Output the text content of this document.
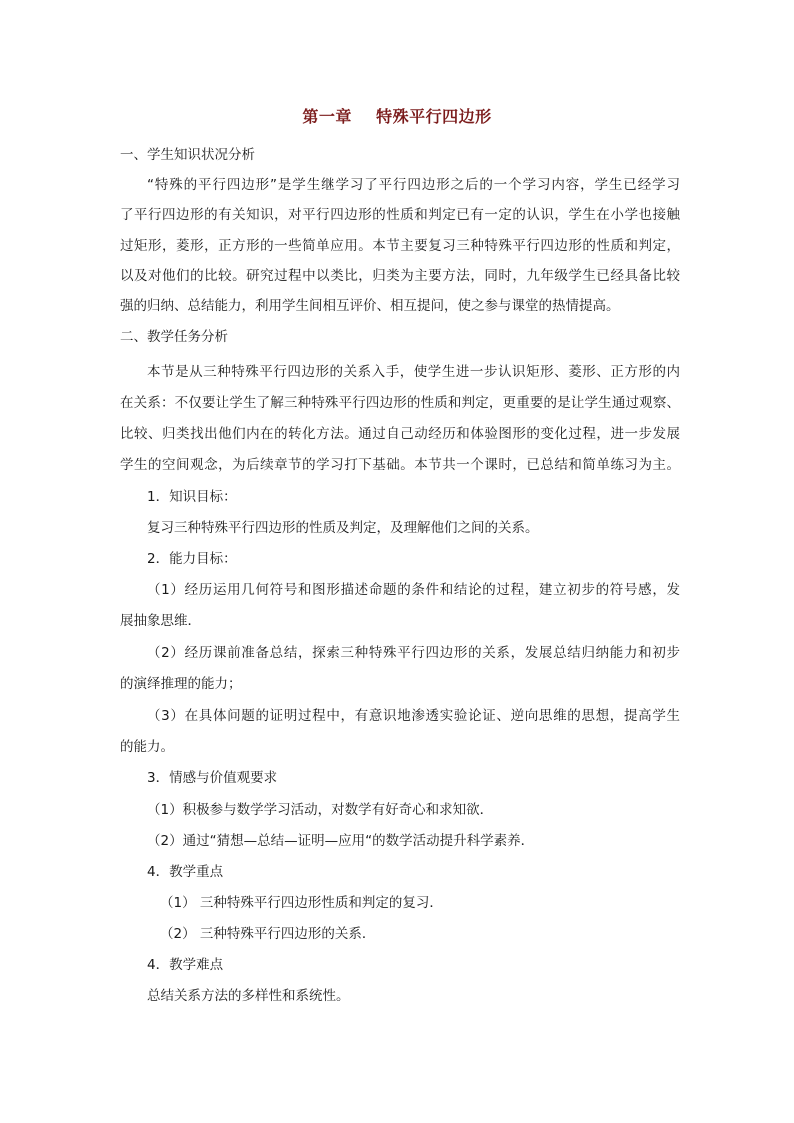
第一章    特殊平行四边形
一、学生知识状况分析
“特殊的平行四边形”是学生继学习了平行四边形之后的一个学习内容，学生已经学习
了平行四边形的有关知识，对平行四边形的性质和判定已有一定的认识，学生在小学也接触
过矩形，菱形，正方形的一些简单应用。本节主要复习三种特殊平行四边形的性质和判定，
以及对他们的比较。研究过程中以类比，归类为主要方法，同时，九年级学生已经具备比较
强的归纳、总结能力，利用学生间相互评价、相互提问，使之参与课堂的热情提高。
二、教学任务分析
本节是从三种特殊平行四边形的关系入手，使学生进一步认识矩形、菱形、正方形的内
在关系：不仅要让学生了解三种特殊平行四边形的性质和判定，更重要的是让学生通过观察、
比较、归类找出他们内在的转化方法。通过自己动经历和体验图形的变化过程，进一步发展
学生的空间观念，为后续章节的学习打下基础。本节共一个课时，已总结和简单练习为主。
1．知识目标：
复习三种特殊平行四边形的性质及判定，及理解他们之间的关系。
2．能力目标：
（1）经历运用几何符号和图形描述命题的条件和结论的过程，建立初步的符号感，发
展抽象思维．
（2）经历课前准备总结，探索三种特殊平行四边形的关系，发展总结归纳能力和初步
的演绎推理的能力；
（3）在具体问题的证明过程中，有意识地渗透实验论证、逆向思维的思想，提高学生
的能力。
3．情感与价值观要求
（1）积极参与数学学习活动，对数学有好奇心和求知欲．
（2）通过“猜想—总结—证明—应用“的数学活动提升科学素养．
4．教学重点
（1） 三种特殊平行四边形性质和判定的复习．
（2） 三种特殊平行四边形的关系．
4．教学难点
总结关系方法的多样性和系统性。
